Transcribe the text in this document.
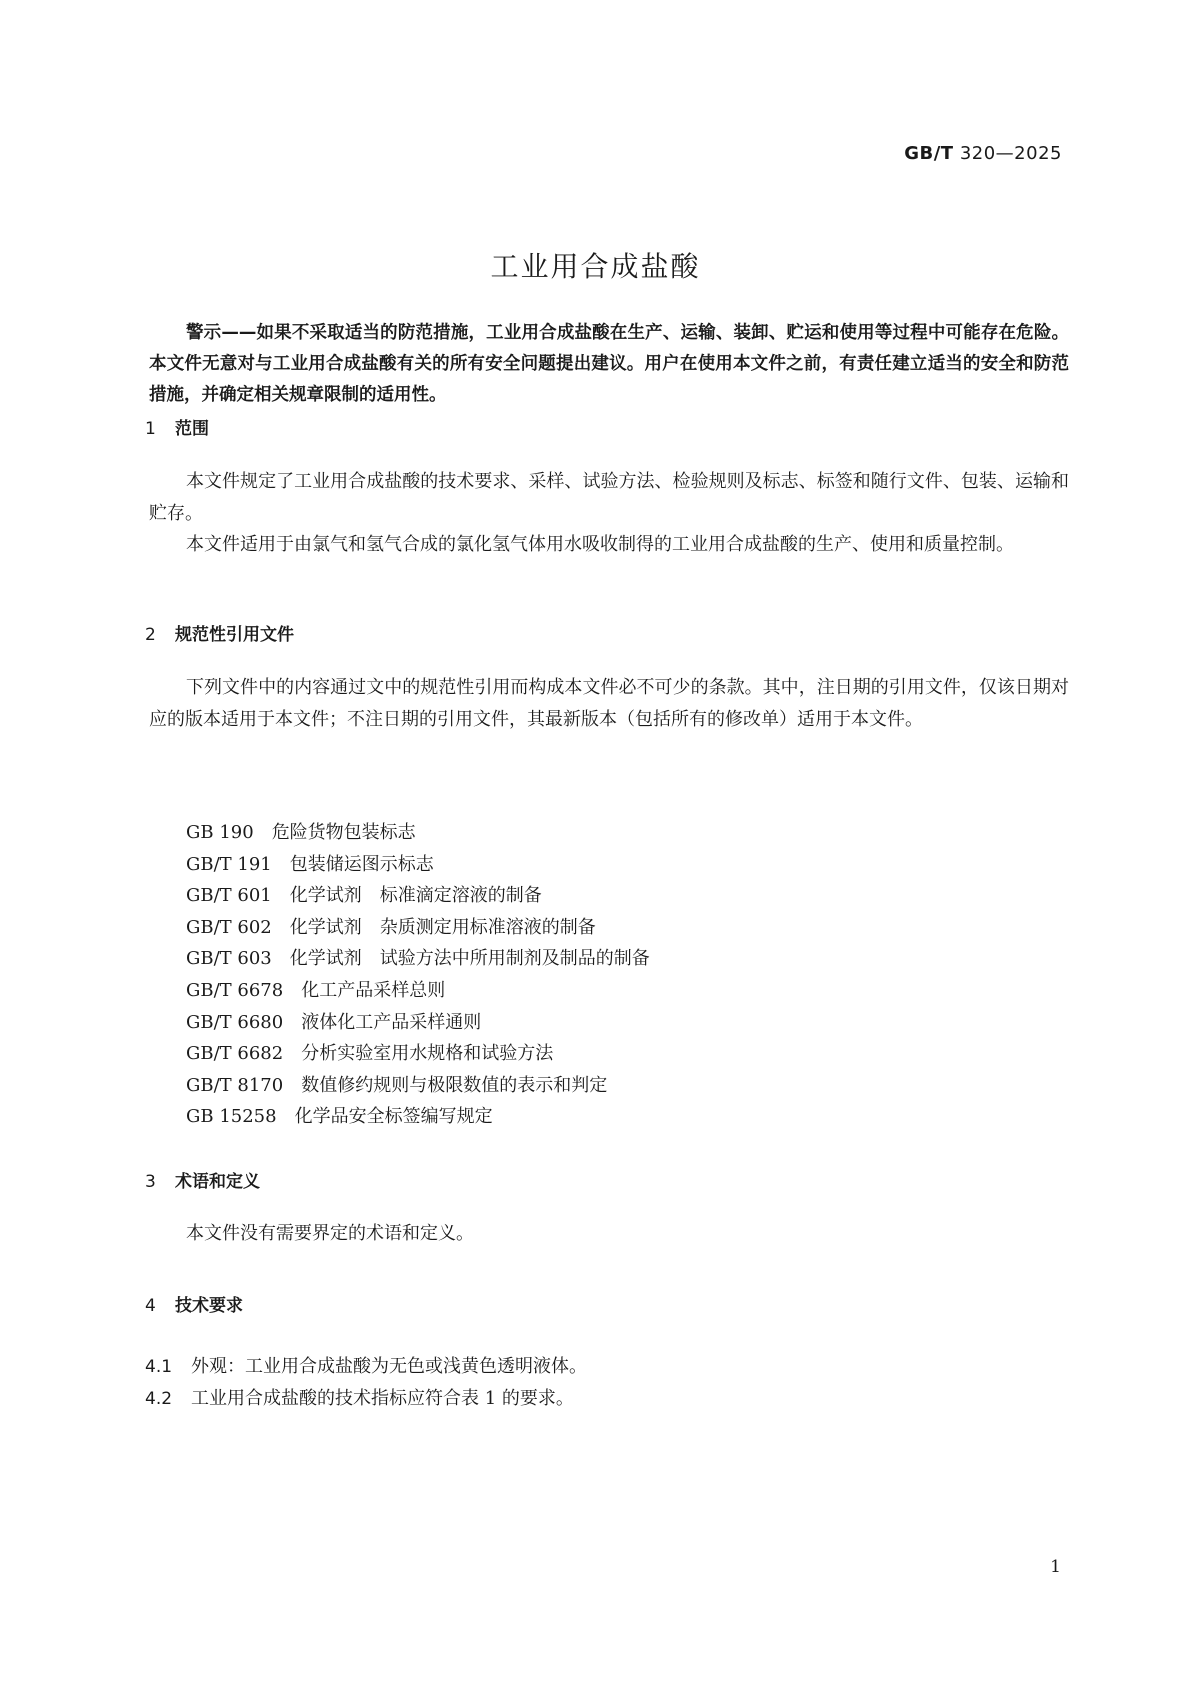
GB/T 320—2025
工业用合成盐酸

警示——如果不采取适当的防范措施，工业用合成盐酸在生产、运输、装卸、贮运和使用等过程中可能存在危险。本文件无意对与工业用合成盐酸有关的所有安全问题提出建议。用户在使用本文件之前，有责任建立适当的安全和防范措施，并确定相关规章限制的适用性。

1 范围

本文件规定了工业用合成盐酸的技术要求、采样、试验方法、检验规则及标志、标签和随行文件、包装、运输和贮存。

本文件适用于由氯气和氢气合成的氯化氢气体用水吸收制得的工业用合成盐酸的生产、使用和质量控制。

2 规范性引用文件

下列文件中的内容通过文中的规范性引用而构成本文件必不可少的条款。其中，注日期的引用文件，仅该日期对应的版本适用于本文件；不注日期的引用文件，其最新版本（包括所有的修改单）适用于本文件。

GB 190 危险货物包装标志
GB/T 191 包装储运图示标志
GB/T 601 化学试剂　标准滴定溶液的制备
GB/T 602 化学试剂　杂质测定用标准溶液的制备
GB/T 603 化学试剂　试验方法中所用制剂及制品的制备
GB/T 6678 化工产品采样总则
GB/T 6680 液体化工产品采样通则
GB/T 6682 分析实验室用水规格和试验方法
GB/T 8170 数值修约规则与极限数值的表示和判定
GB 15258 化学品安全标签编写规定
3 术语和定义

本文件没有需要界定的术语和定义。

4 技术要求

4.1 外观：工业用合成盐酸为无色或浅黄色透明液体。

4.2 工业用合成盐酸的技术指标应符合表 1 的要求。

1
